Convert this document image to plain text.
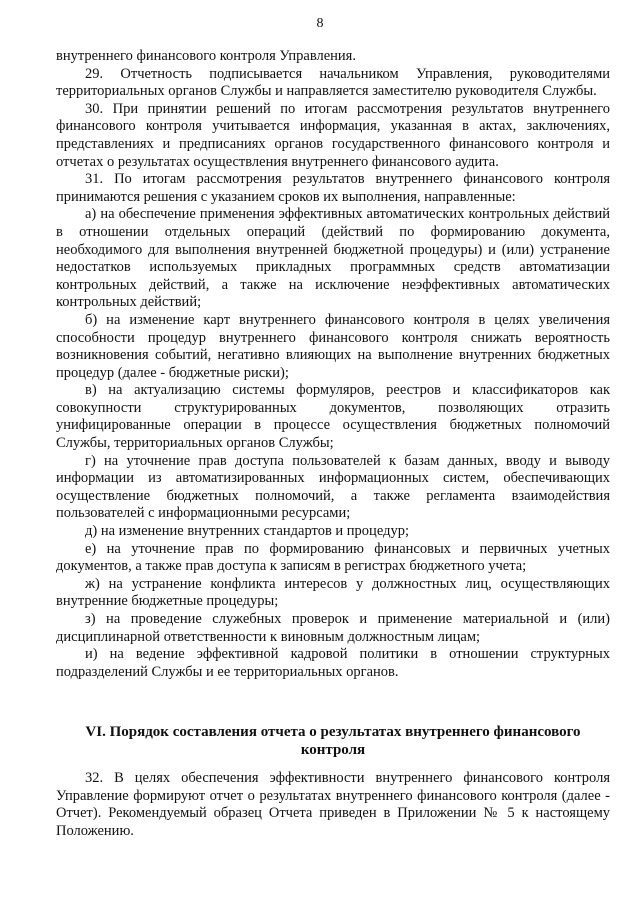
8

внутреннего финансового контроля Управления.

29. Отчетность подписывается начальником Управления, руководителями территориальных органов Службы и направляется заместителю руководителя Службы.

30. При принятии решений по итогам рассмотрения результатов внутреннего финансового контроля учитывается информация, указанная в актах, заключениях, представлениях и предписаниях органов государственного финансового контроля и отчетах о результатах осуществления внутреннего финансового аудита.

31. По итогам рассмотрения результатов внутреннего финансового контроля принимаются решения с указанием сроков их выполнения, направленные:

а) на обеспечение применения эффективных автоматических контрольных действий в отношении отдельных операций (действий по формированию документа, необходимого для выполнения внутренней бюджетной процедуры) и (или) устранение недостатков используемых прикладных программных средств автоматизации контрольных действий, а также на исключение неэффективных автоматических контрольных действий;

б) на изменение карт внутреннего финансового контроля в целях увеличения способности процедур внутреннего финансового контроля снижать вероятность возникновения событий, негативно влияющих на выполнение внутренних бюджетных процедур (далее - бюджетные риски);

в) на актуализацию системы формуляров, реестров и классификаторов как совокупности структурированных документов, позволяющих отразить унифицированные операции в процессе осуществления бюджетных полномочий Службы, территориальных органов Службы;

г) на уточнение прав доступа пользователей к базам данных, вводу и выводу информации из автоматизированных информационных систем, обеспечивающих осуществление бюджетных полномочий, а также регламента взаимодействия пользователей с информационными ресурсами;

д) на изменение внутренних стандартов и процедур;

е) на уточнение прав по формированию финансовых и первичных учетных документов, а также прав доступа к записям в регистрах бюджетного учета;

ж) на устранение конфликта интересов у должностных лиц, осуществляющих внутренние бюджетные процедуры;

з) на проведение служебных проверок и применение материальной и (или) дисциплинарной ответственности к виновным должностным лицам;

и) на ведение эффективной кадровой политики в отношении структурных подразделений Службы и ее территориальных органов.

VI. Порядок составления отчета о результатах внутреннего финансового
контроля

32. В целях обеспечения эффективности внутреннего финансового контроля Управление формируют отчет о результатах внутреннего финансового контроля (далее - Отчет). Рекомендуемый образец Отчета приведен в Приложении № 5 к настоящему Положению.
